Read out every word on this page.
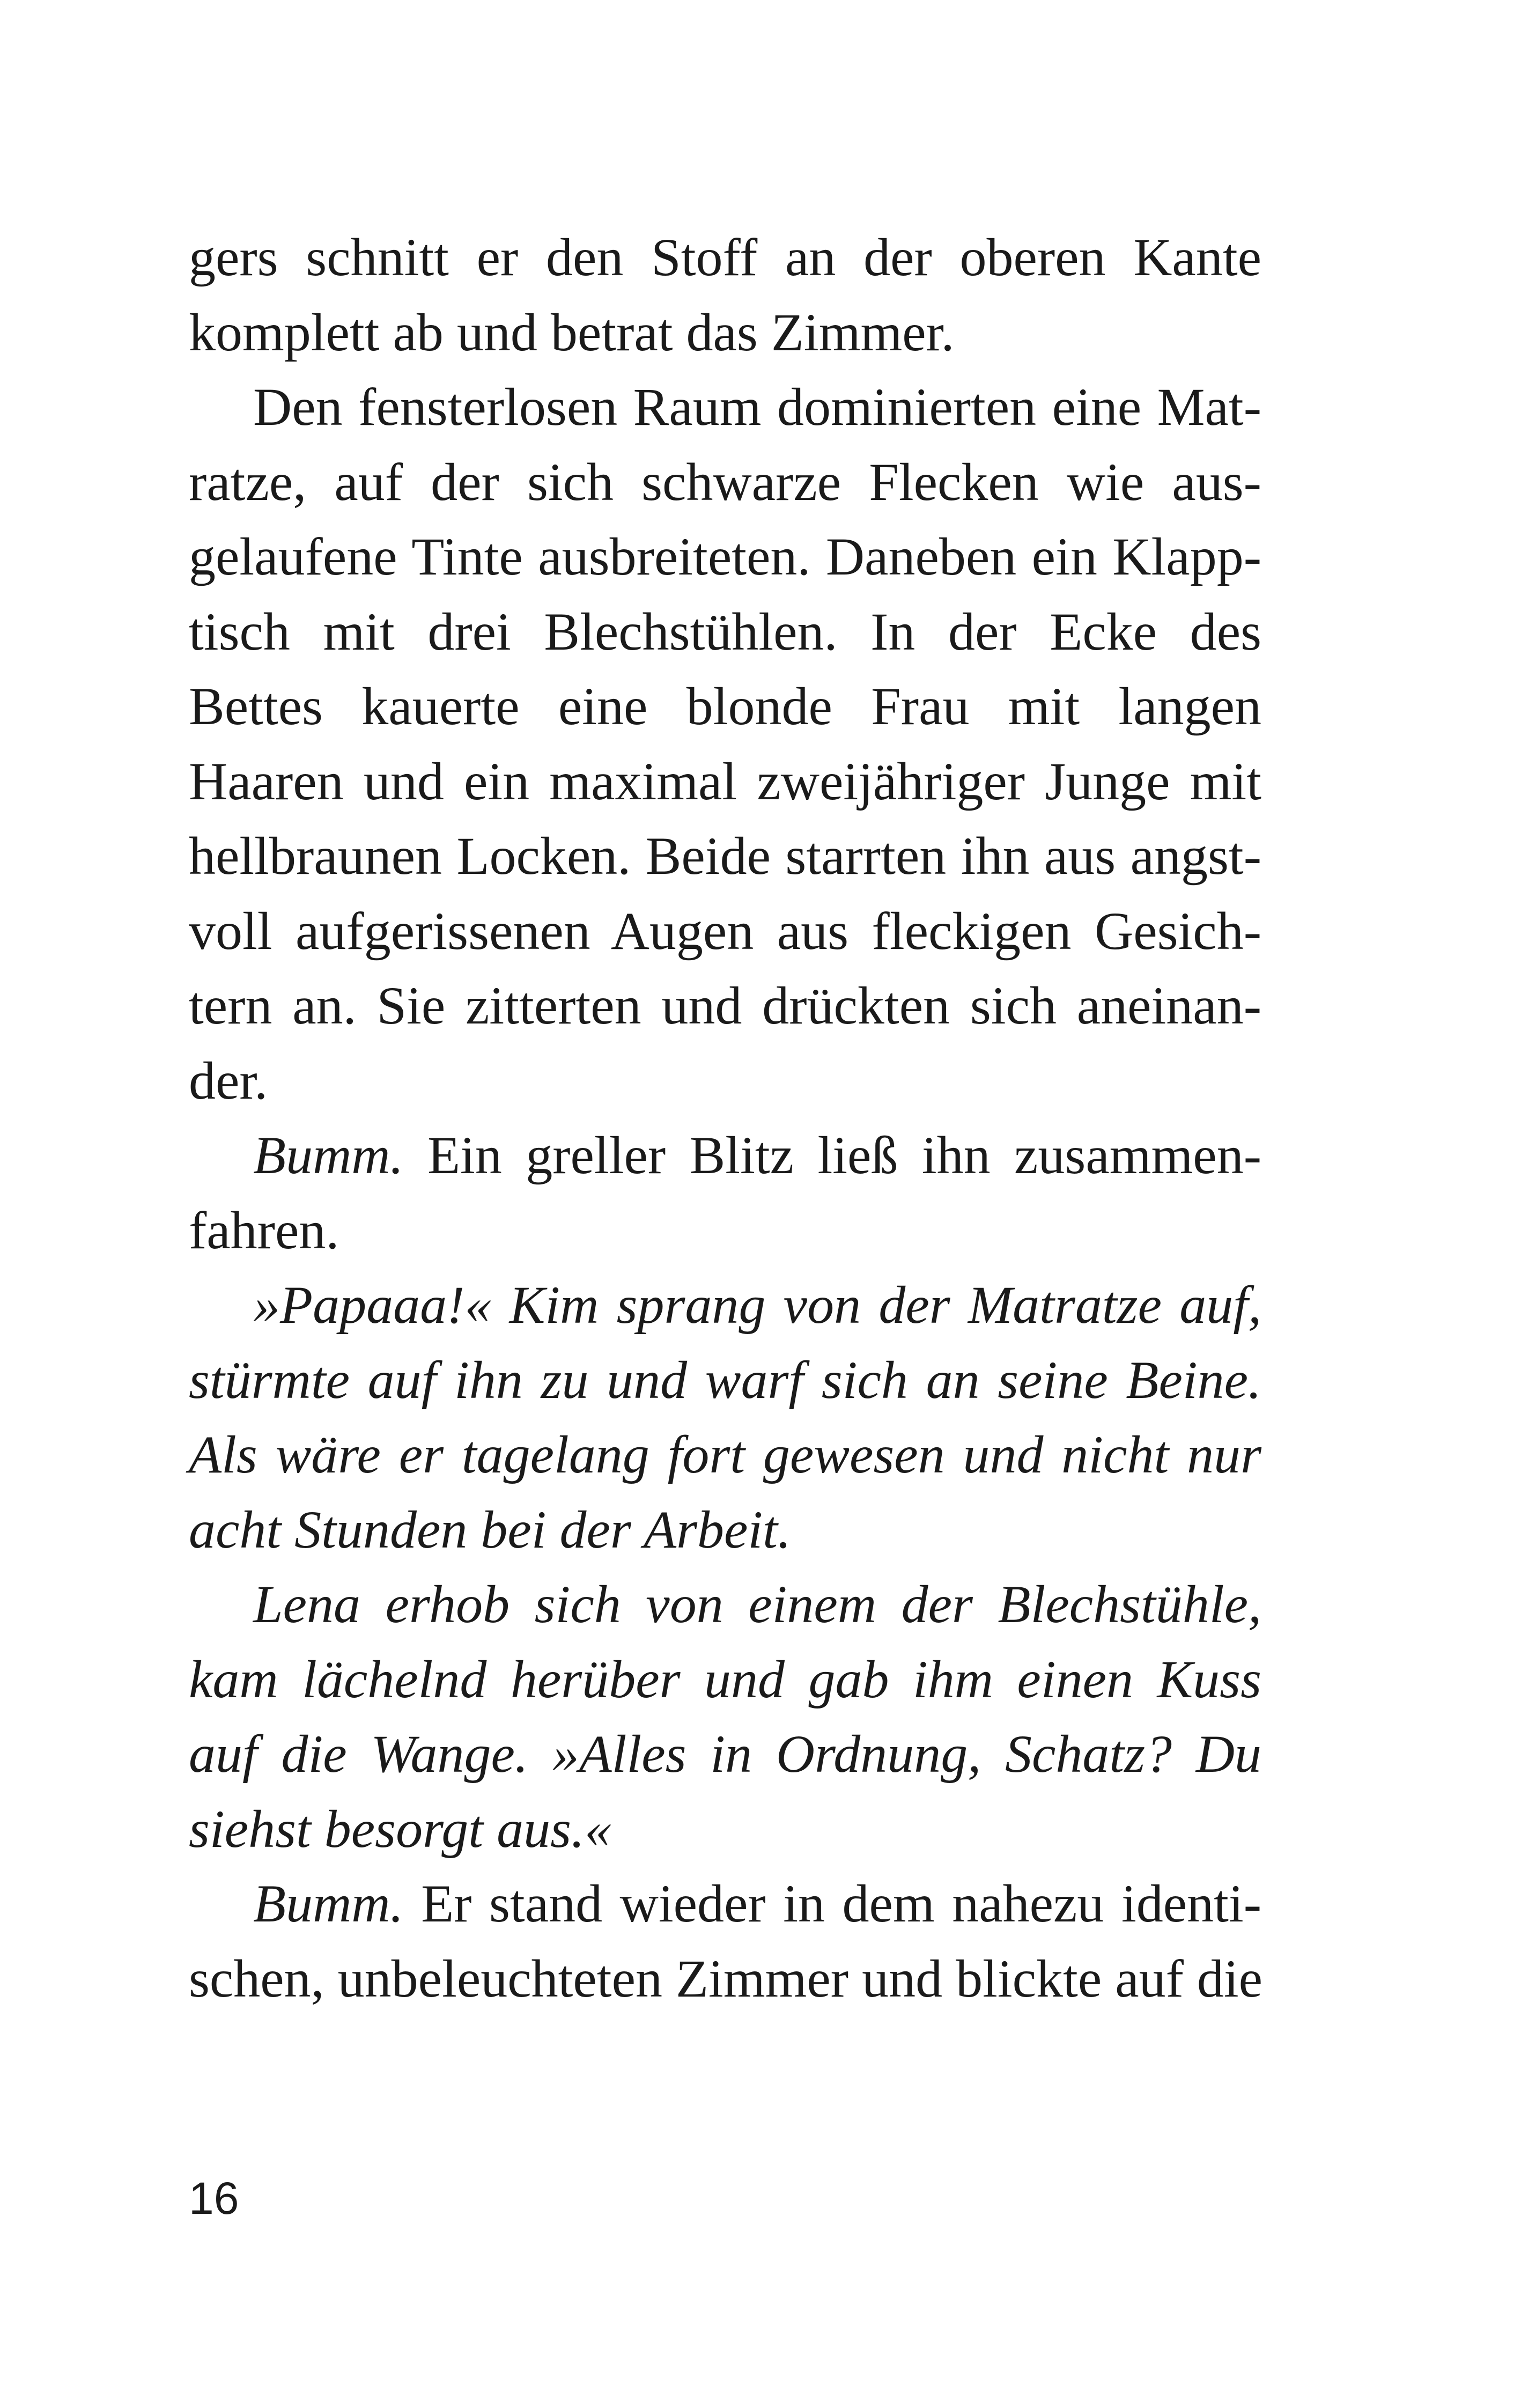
gers schnitt er den Stoff an der oberen Kante
komplett ab und betrat das Zimmer.
Den fensterlosen Raum dominierten eine Mat-
ratze, auf der sich schwarze Flecken wie aus-
gelaufene Tinte ausbreiteten. Daneben ein Klapp-
tisch mit drei Blechstühlen. In der Ecke des
Bettes kauerte eine blonde Frau mit langen
Haaren und ein maximal zweijähriger Junge mit
hellbraunen Locken. Beide starrten ihn aus angst-
voll aufgerissenen Augen aus fleckigen Gesich-
tern an. Sie zitterten und drückten sich aneinan-
der.
Bumm. Ein greller Blitz ließ ihn zusammen-
fahren.
»Papaaa!« Kim sprang von der Matratze auf,
stürmte auf ihn zu und warf sich an seine Beine.
Als wäre er tagelang fort gewesen und nicht nur
acht Stunden bei der Arbeit.
Lena erhob sich von einem der Blechstühle,
kam lächelnd herüber und gab ihm einen Kuss
auf die Wange. »Alles in Ordnung, Schatz? Du
siehst besorgt aus.«
Bumm. Er stand wieder in dem nahezu identi-
schen, unbeleuchteten Zimmer und blickte auf die
16
